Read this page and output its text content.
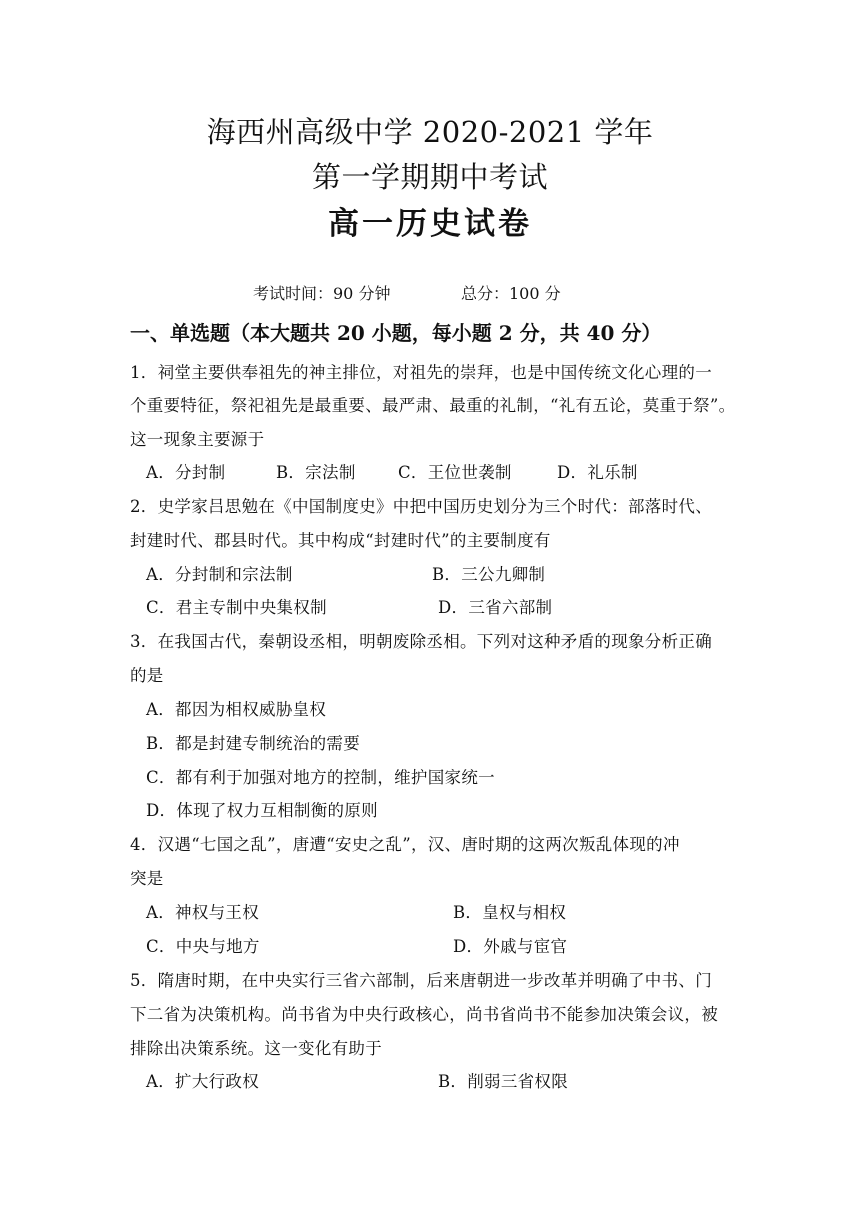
海西州高级中学 2020-2021 学年
第一学期期中考试
高一历史试卷
考试时间：90 分钟	总分：100 分
一、单选题（本大题共 20 小题，每小题 2 分，共 40 分）
1．祠堂主要供奉祖先的神主排位，对祖先的崇拜，也是中国传统文化心理的一
个重要特征，祭祀祖先是最重要、最严肃、最重的礼制，“礼有五论，莫重于祭”。
这一现象主要源于
A．分封制	B．宗法制	C．王位世袭制	D．礼乐制
2．史学家吕思勉在《中国制度史》中把中国历史划分为三个时代：部落时代、
封建时代、郡县时代。其中构成“封建时代”的主要制度有
A．分封制和宗法制	B．三公九卿制
C．君主专制中央集权制	D．三省六部制
3．在我国古代，秦朝设丞相，明朝废除丞相。下列对这种矛盾的现象分析正确
的是
A．都因为相权威胁皇权
B．都是封建专制统治的需要
C．都有利于加强对地方的控制，维护国家统一
D．体现了权力互相制衡的原则
4．汉遇“七国之乱”，唐遭“安史之乱”，汉、唐时期的这两次叛乱体现的冲
突是
A．神权与王权	B．皇权与相权
C．中央与地方	D．外戚与宦官
5．隋唐时期，在中央实行三省六部制，后来唐朝进一步改革并明确了中书、门
下二省为决策机构。尚书省为中央行政核心，尚书省尚书不能参加决策会议，被
排除出决策系统。这一变化有助于
A．扩大行政权	B．削弱三省权限
